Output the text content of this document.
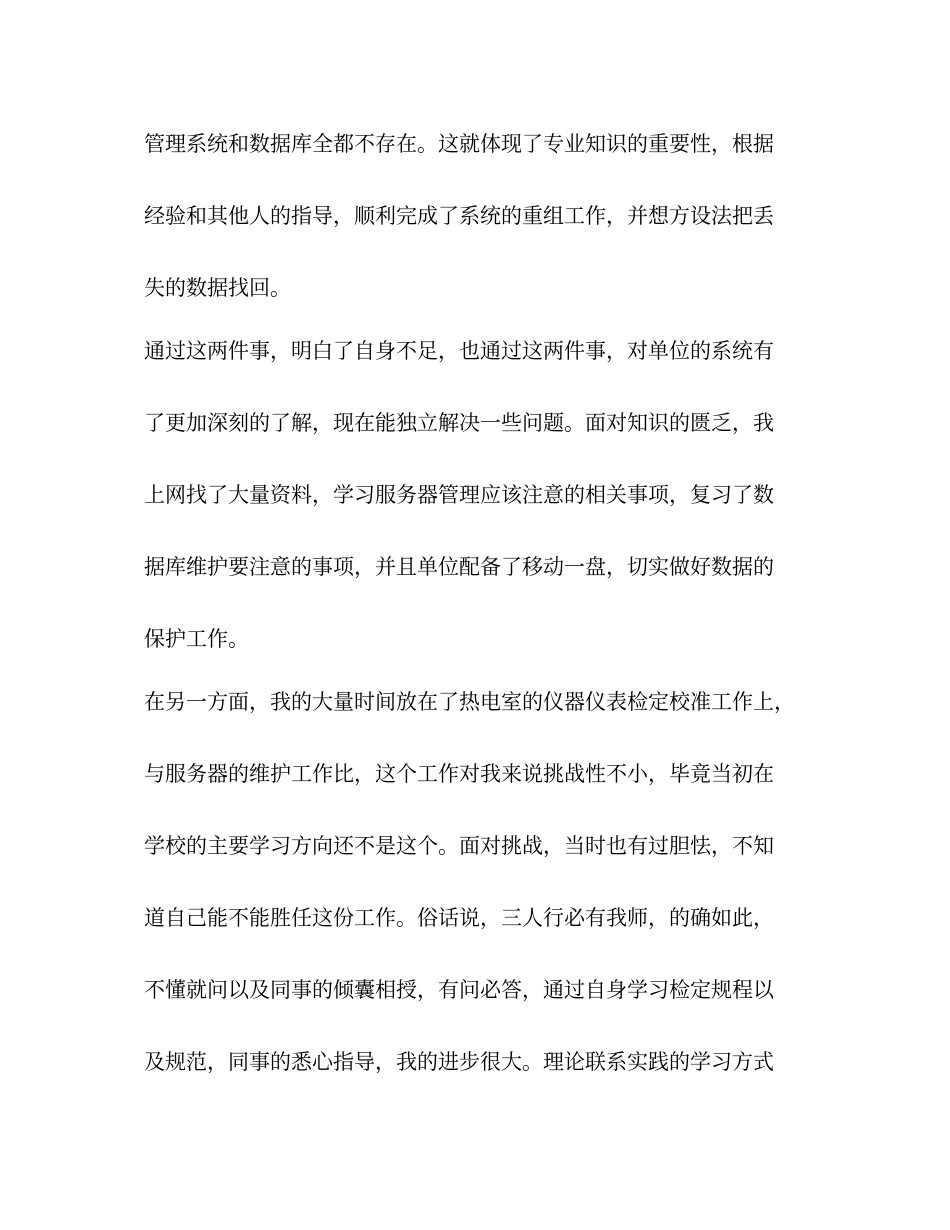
管理系统和数据库全都不存在。这就体现了专业知识的重要性，根据

经验和其他人的指导，顺利完成了系统的重组工作，并想方设法把丢

失的数据找回。

通过这两件事，明白了自身不足，也通过这两件事，对单位的系统有

了更加深刻的了解，现在能独立解决一些问题。面对知识的匮乏，我

上网找了大量资料，学习服务器管理应该注意的相关事项，复习了数

据库维护要注意的事项，并且单位配备了移动一盘，切实做好数据的

保护工作。

在另一方面，我的大量时间放在了热电室的仪器仪表检定校准工作上，

与服务器的维护工作比，这个工作对我来说挑战性不小，毕竟当初在

学校的主要学习方向还不是这个。面对挑战，当时也有过胆怯，不知

道自己能不能胜任这份工作。俗话说，三人行必有我师，的确如此，

不懂就问以及同事的倾囊相授，有问必答，通过自身学习检定规程以

及规范，同事的悉心指导，我的进步很大。理论联系实践的学习方式
